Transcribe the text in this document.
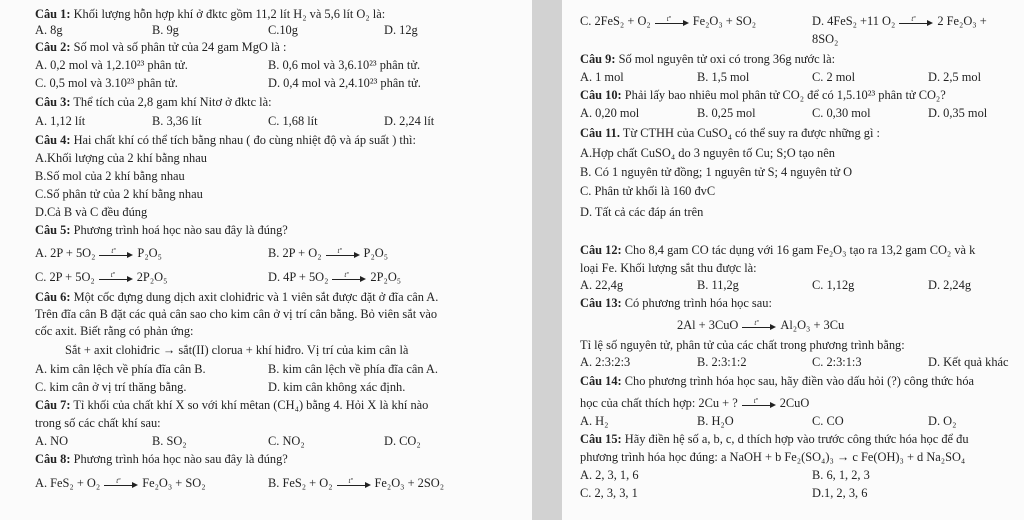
Câu 1: Khối lượng hỗn hợp khí ở đktc gồm 11,2 lít H₂ và 5,6 lít O₂ là:
A. 8g	B. 9g	C.10g	D. 12g
Câu 2: Số mol và số phân tử của 24 gam MgO là :
A. 0,2 mol và 1,2.10²³ phân tử.	B. 0,6 mol và 3,6.10²³ phân tử.
C. 0,5 mol và 3.10²³ phân tử.	D. 0,4 mol và 2,4.10²³ phân tử.
Câu 3: Thể tích của 2,8 gam khí Nitơ ở đktc là:
A. 1,12 lít	B. 3,36 lít	C. 1,68 lít	D. 2,24 lít
Câu 4: Hai chất khí có thể tích bằng nhau ( đo cùng nhiệt độ và áp suất ) thì:
A.Khối lượng của 2 khí bằng nhau
B.Số mol của 2 khí bằng nhau
C.Số phân tử của 2 khí bằng nhau
D.Cả B và C đều đúng
Câu 5: Phương trình hoá học nào sau đây là đúng?
A. 2P + 5O₂ tº P₂O₅	B. 2P + O₂ tº P₂O₅
C. 2P + 5O₂ tº 2P₂O₅	D. 4P + 5O₂ tº 2P₂O₅
Câu 6: Một cốc đựng dung dịch axit clohiđric và 1 viên sắt được đặt ở đĩa cân A.
Trên đĩa cân B đặt các quả cân sao cho kim cân ở vị trí cân bằng. Bỏ viên sắt vào
cốc axit. Biết rằng có phản ứng:
Sắt + axit clohiđric → sắt(II) clorua + khí hiđro. Vị trí của kim cân là
A. kim cân lệch về phía đĩa cân B.	B. kim cân lệch về phía đĩa cân A.
C. kim cân ở vị trí thăng bằng.	D. kim cân không xác định.
Câu 7: Tỉ khối của chất khí X so với khí mêtan (CH₄) bằng 4. Hỏi X là khí nào
trong số các chất khí sau:
A. NO	B. SO₂	C. NO₂	D. CO₂
Câu 8: Phương trình hóa học nào sau đây là đúng?
A. FeS₂ + O₂ tº Fe₂O₃ + SO₂	B. FeS₂ + O₂ tº Fe₂O₃ + 2SO₂
C. 2FeS₂ + O₂ tº Fe₂O₃ + SO₂	D. 4FeS₂ +11 O₂ tº 2 Fe₂O₃ +
8SO₂
Câu 9: Số mol nguyên tử oxi có trong 36g nước là:
A. 1 mol	B. 1,5 mol	C. 2 mol	D. 2,5 mol
Câu 10: Phải lấy bao nhiêu mol phân tử CO₂ để có 1,5.10²³ phân tử CO₂?
A. 0,20 mol	B. 0,25 mol	C. 0,30 mol	D. 0,35 mol
Câu 11. Từ CTHH của CuSO₄ có thể suy ra được những gì :
A.Hợp chất CuSO₄ do 3 nguyên tố Cu; S;O tạo nên
B. Có 1 nguyên tử đồng; 1 nguyên tử S; 4 nguyên tử O
C. Phân tử khối là 160 đvC
D. Tất cả các đáp án trên
Câu 12: Cho 8,4 gam CO tác dụng với 16 gam Fe₂O₃ tạo ra 13,2 gam CO₂ và k
loại Fe. Khối lượng sắt thu được là:
A. 22,4g	B. 11,2g	C. 1,12g	D. 2,24g
Câu 13: Có phương trình hóa học sau:
2Al + 3CuO tº Al₂O₃ + 3Cu
Tỉ lệ số nguyên tử, phân tử của các chất trong phương trình bằng:
A. 2:3:2:3	B. 2:3:1:2	C. 2:3:1:3	D. Kết quả khác
Câu 14: Cho phương trình hóa học sau, hãy điền vào dấu hỏi (?) công thức hóa
học của chất thích hợp: 2Cu + ? tº 2CuO
A. H₂	B. H₂O	C. CO	D. O₂
Câu 15: Hãy điền hệ số a, b, c, d thích hợp vào trước công thức hóa học để đu
phương trình hóa học đúng: a NaOH + b Fe₂(SO₄)₃ → c Fe(OH)₃ + d Na₂SO₄
A. 2, 3, 1, 6	B. 6, 1, 2, 3
C. 2, 3, 3, 1	D.1, 2, 3, 6
